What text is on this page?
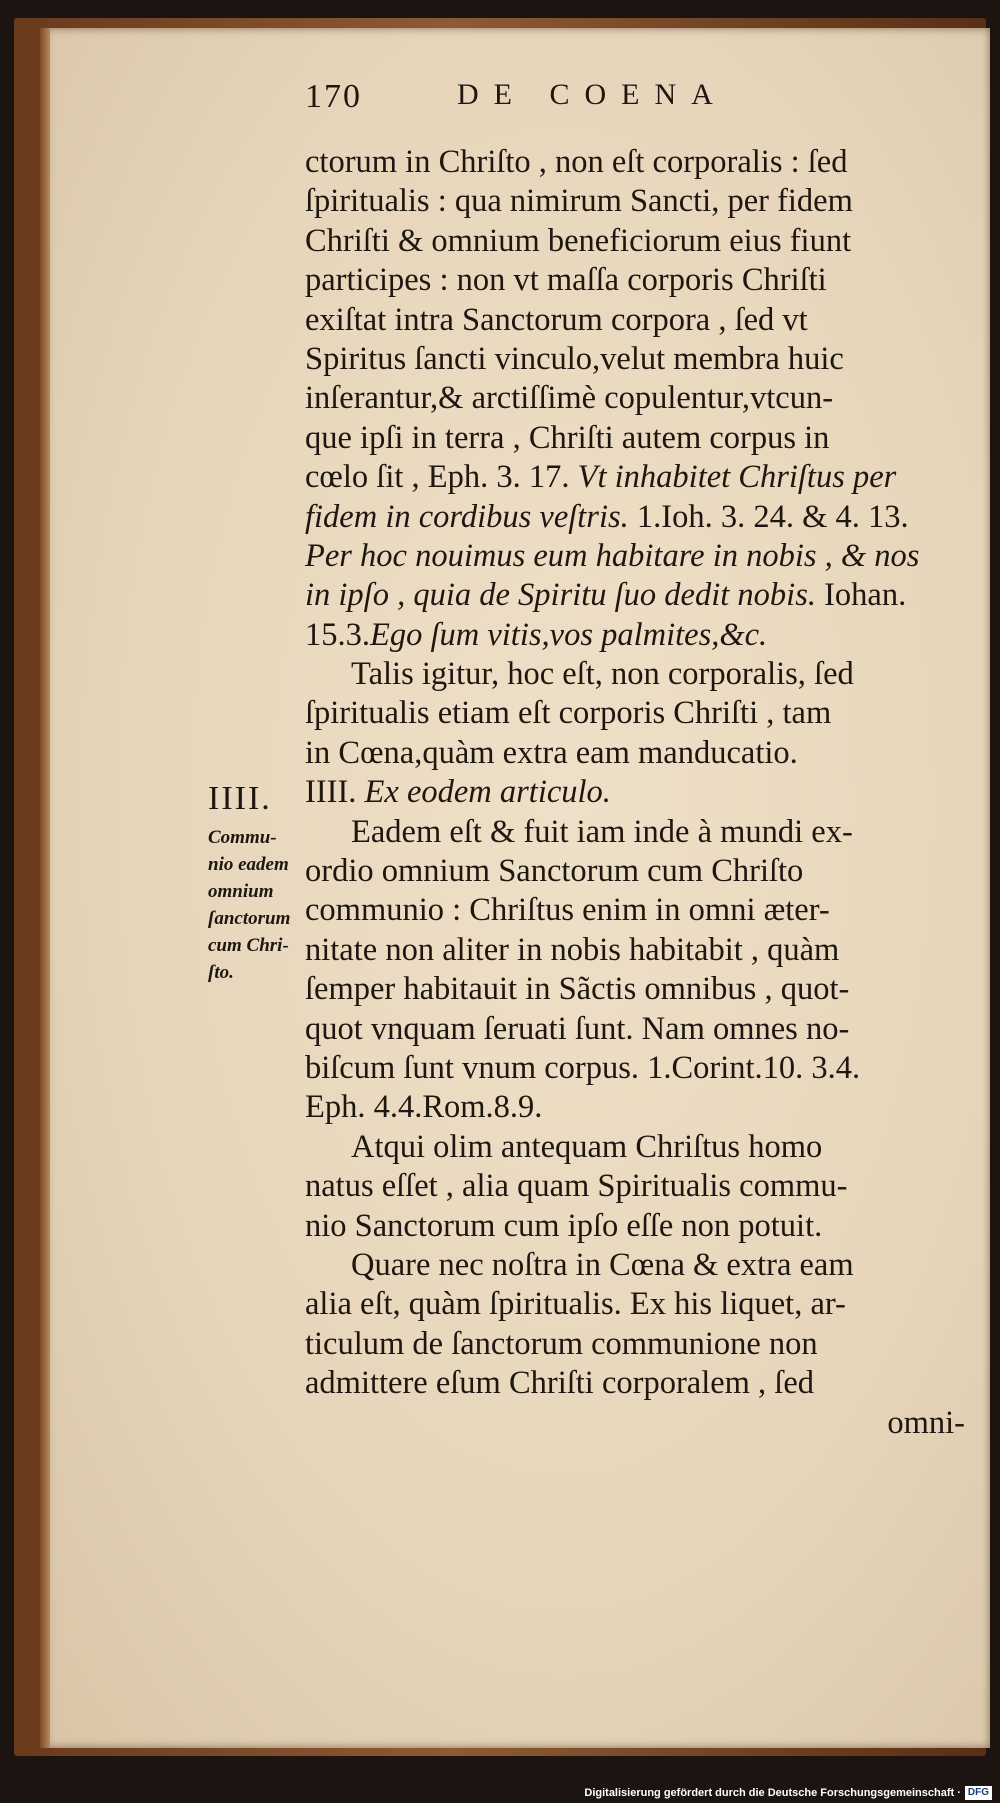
170	DE COENA
IIII.
Commu-
nio eadem
omnium
ſanctorum
cum Chri-
ſto.
ctorum in Chriſto , non eſt corporalis : ſed
ſpiritualis : qua nimirum Sancti, per fidem
Chriſti & omnium beneficiorum eius fiunt
participes : non vt maſſa corporis Chriſti
exiſtat intra Sanctorum corpora , ſed vt
Spiritus ſancti vinculo,velut membra huic
inſerantur,& arctiſſimè copulentur,vtcun-
que ipſi in terra , Chriſti autem corpus in
cœlo ſit , Eph. 3. 17. Vt inhabitet Chriſtus per
fidem in cordibus veſtris. 1.Ioh. 3. 24. & 4. 13.
Per hoc nouimus eum habitare in nobis , & nos
in ipſo , quia de Spiritu ſuo dedit nobis. Iohan.
15.3.Ego ſum vitis,vos palmites,&c.
Talis igitur, hoc eſt, non corporalis, ſed
ſpiritualis etiam eſt corporis Chriſti , tam
in Cœna,quàm extra eam manducatio.
IIII. Ex eodem articulo.
Eadem eſt & fuit iam inde à mundi ex-
ordio omnium Sanctorum cum Chriſto
communio : Chriſtus enim in omni æter-
nitate non aliter in nobis habitabit , quàm
ſemper habitauit in Sãctis omnibus , quot-
quot vnquam ſeruati ſunt. Nam omnes no-
biſcum ſunt vnum corpus. 1.Corint.10. 3.4.
Eph. 4.4.Rom.8.9.
Atqui olim antequam Chriſtus homo
natus eſſet , alia quam Spiritualis commu-
nio Sanctorum cum ipſo eſſe non potuit.
Quare nec noſtra in Cœna & extra eam
alia eſt, quàm ſpiritualis. Ex his liquet, ar-
ticulum de ſanctorum communione non
admittere eſum Chriſti corporalem , ſed
omni-
Digitalisierung gefördert durch die Deutsche Forschungsgemeinschaft · DFG
